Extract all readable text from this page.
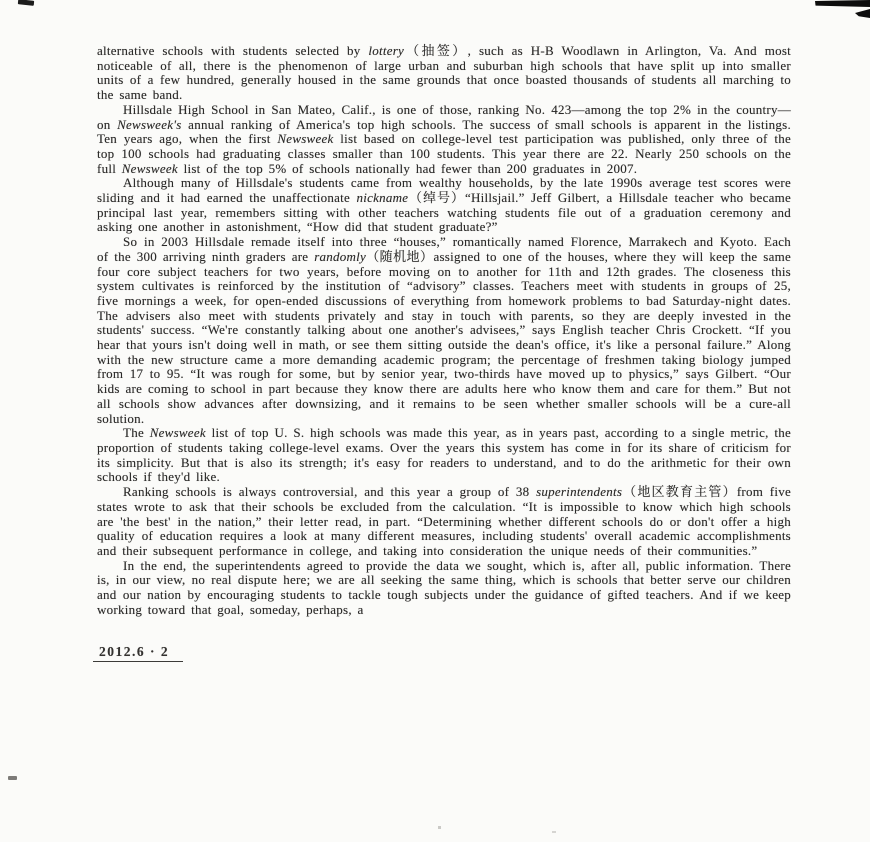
alternative schools with students selected by lottery（抽签）, such as H-B Woodlawn in Arlington, Va. And most noticeable of all, there is the phenomenon of large urban and suburban high schools that have split up into smaller units of a few hundred, generally housed in the same grounds that once boasted thousands of students all marching to the same band.

Hillsdale High School in San Mateo, Calif., is one of those, ranking No. 423—among the top 2% in the country—on Newsweek's annual ranking of America's top high schools. The success of small schools is apparent in the listings. Ten years ago, when the first Newsweek list based on college-level test participation was published, only three of the top 100 schools had graduating classes smaller than 100 students. This year there are 22. Nearly 250 schools on the full Newsweek list of the top 5% of schools nationally had fewer than 200 graduates in 2007.

Although many of Hillsdale's students came from wealthy households, by the late 1990s average test scores were sliding and it had earned the unaffectionate nickname（绰号）“Hillsjail.” Jeff Gilbert, a Hillsdale teacher who became principal last year, remembers sitting with other teachers watching students file out of a graduation ceremony and asking one another in astonishment, “How did that student graduate?”

So in 2003 Hillsdale remade itself into three “houses,” romantically named Florence, Marrakech and Kyoto. Each of the 300 arriving ninth graders are randomly（随机地）assigned to one of the houses, where they will keep the same four core subject teachers for two years, before moving on to another for 11th and 12th grades. The closeness this system cultivates is reinforced by the institution of “advisory” classes. Teachers meet with students in groups of 25, five mornings a week, for open-ended discussions of everything from homework problems to bad Saturday-night dates. The advisers also meet with students privately and stay in touch with parents, so they are deeply invested in the students' success. “We're constantly talking about one another's advisees,” says English teacher Chris Crockett. “If you hear that yours isn't doing well in math, or see them sitting outside the dean's office, it's like a personal failure.” Along with the new structure came a more demanding academic program; the percentage of freshmen taking biology jumped from 17 to 95. “It was rough for some, but by senior year, two-thirds have moved up to physics,” says Gilbert. “Our kids are coming to school in part because they know there are adults here who know them and care for them.” But not all schools show advances after downsizing, and it remains to be seen whether smaller schools will be a cure-all solution.

The Newsweek list of top U. S. high schools was made this year, as in years past, according to a single metric, the proportion of students taking college-level exams. Over the years this system has come in for its share of criticism for its simplicity. But that is also its strength; it's easy for readers to understand, and to do the arithmetic for their own schools if they'd like.

Ranking schools is always controversial, and this year a group of 38 superintendents（地区教育主管）from five states wrote to ask that their schools be excluded from the calculation. “It is impossible to know which high schools are 'the best' in the nation,” their letter read, in part. “Determining whether different schools do or don't offer a high quality of education requires a look at many different measures, including students' overall academic accomplishments and their subsequent performance in college, and taking into consideration the unique needs of their communities.”

In the end, the superintendents agreed to provide the data we sought, which is, after all, public information. There is, in our view, no real dispute here; we are all seeking the same thing, which is schools that better serve our children and our nation by encouraging students to tackle tough subjects under the guidance of gifted teachers. And if we keep working toward that goal, someday, perhaps, a

2012.6 · 2
